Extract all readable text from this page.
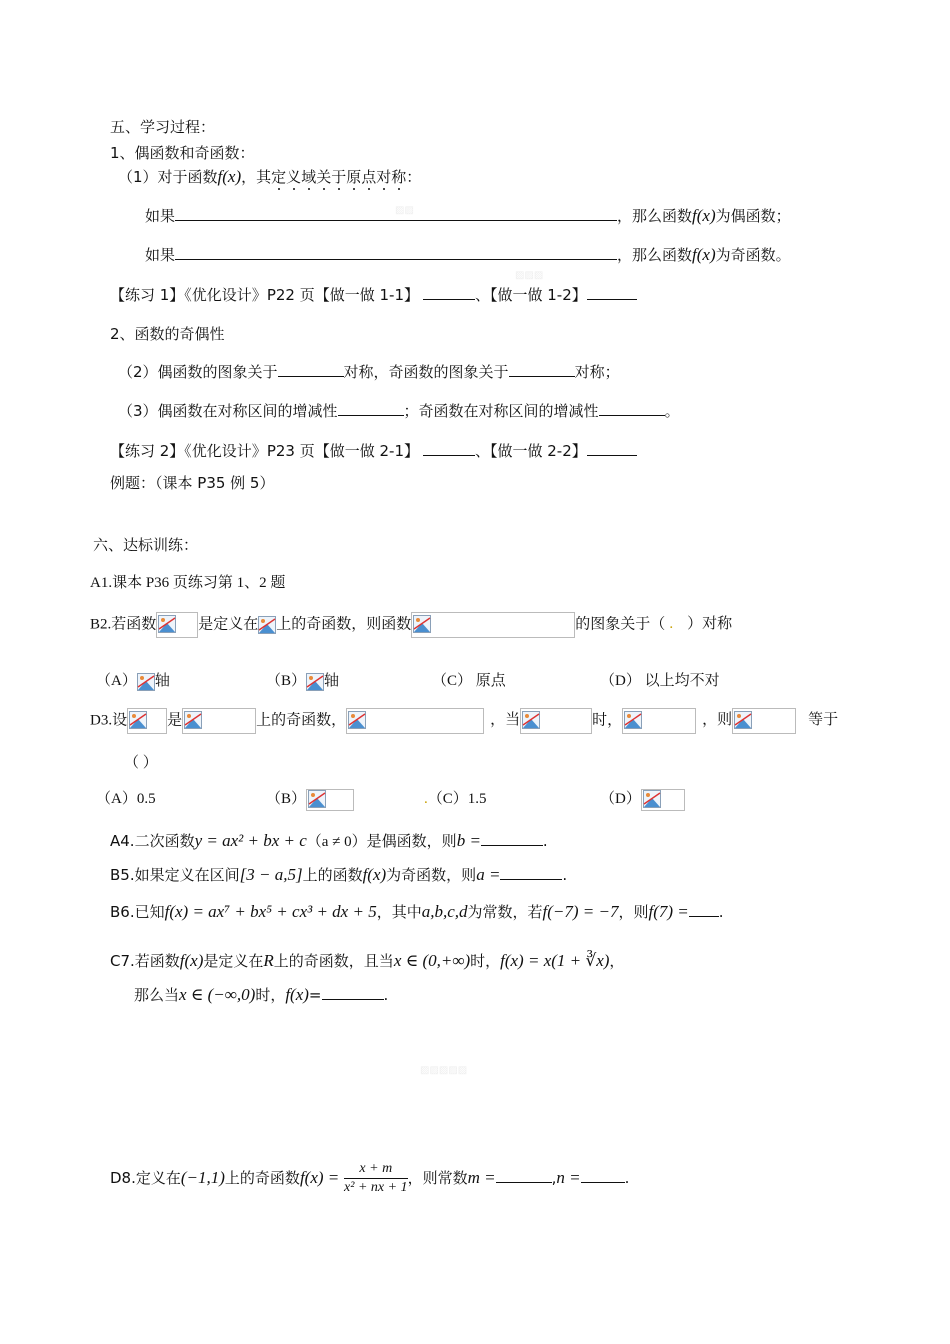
▨▨
▨▨▨
▨▨▨▨▨
五、学习过程：
1、偶函数和奇函数：
（1）对于函数f(x)，其定义域关于原点对称：
如果	，那么函数f(x)为偶函数；
如果	，那么函数f(x)为奇函数。
【练习 1】《优化设计》P22 页【做一做 1-1】	、【做一做 1-2】
2、函数的奇偶性
（2）偶函数的图象关于	对称，奇函数的图象关于	对称；
（3）偶函数在对称区间的增减性	；奇函数在对称区间的增减性	。
【练习 2】《优化设计》P23 页【做一做 2-1】	、【做一做 2-2】
例题：（课本 P35 例 5）
六、达标训练：
A1.课本 P36 页练习第 1、2 题
B2.若函数	是定义在 上的奇函数，则函数	的图象关于（ . ）对称
（A） 轴	（B） 轴	（C） 原点	（D） 以上均不对
D3.设	是	上的奇函数，	，当	时，	，则	等于
（ ）
（A）0.5	（B）	.（C）1.5	（D）
A4.二次函数y = ax² + bx + c（a ≠ 0）是偶函数，则b =	.
B5.如果定义在区间[3 − a,5]上的函数f(x)为奇函数，则a =	.
B6.已知f(x) = ax⁷ + bx⁵ + cx³ + dx + 5，其中a,b,c,d为常数，若f(−7) = −7，则f(7) = .
C7.若函数f(x)是定义在R上的奇函数，且当x ∈ (0,+∞)时，f(x) = x(1 + ∛x)，
那么当x ∈ (−∞,0)时，f(x)=	.
D8.定义在(−1,1)上的奇函数$f(x) = \frac{x + m}{\text{x² + nx + 1}}$ ，则常数m =	,n =	.
